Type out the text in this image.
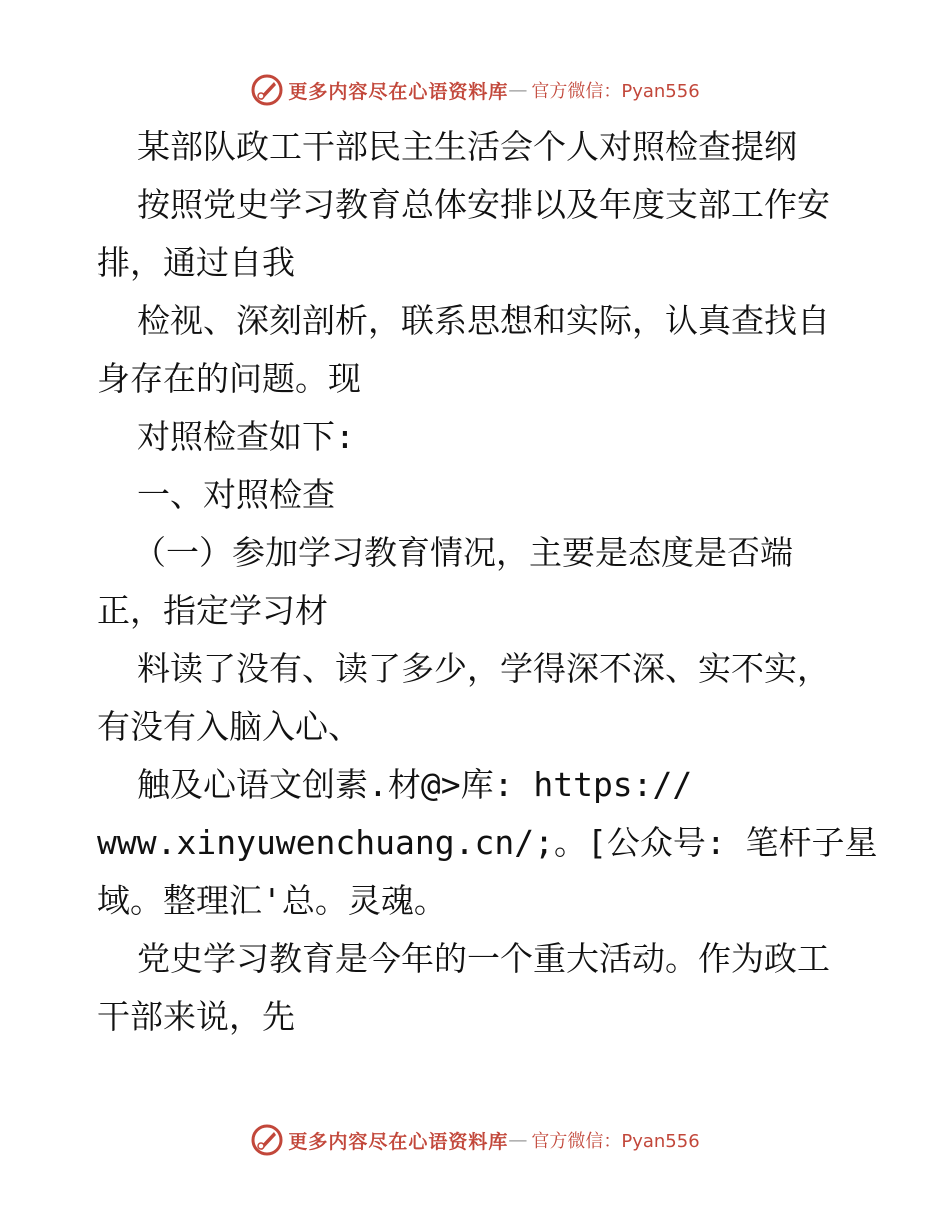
更多内容尽在心语资料库 — 官方微信：Pyan556

某部队政工干部民主生活会个人对照检查提纲

按照党史学习教育总体安排以及年度支部工作安

排，通过自我

检视、深刻剖析，联系思想和实际，认真查找自

身存在的问题。现

对照检查如下:

一、对照检查

（一）参加学习教育情况，主要是态度是否端

正，指定学习材

料读了没有、读了多少，学得深不深、实不实，

有没有入脑入心、

触及心语文创素.材@>库: https://

www.xinyuwenchuang.cn/;。[公众号: 笔杆子星

域。整理汇'总。灵魂。

党史学习教育是今年的一个重大活动。作为政工

干部来说，先

更多内容尽在心语资料库 — 官方微信：Pyan556
